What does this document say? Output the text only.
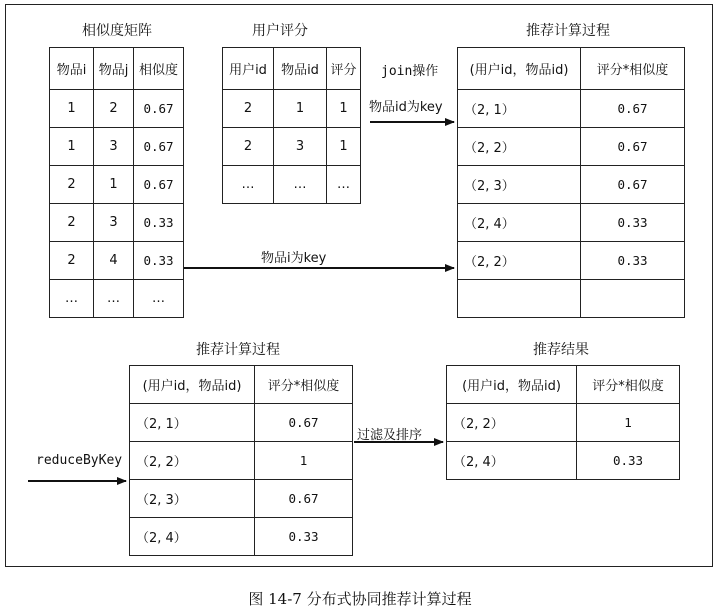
相似度矩阵
物品i	物品j	相似度
1	2	0.67
1	3	0.67
2	1	0.67
2	3	0.33
2	4	0.33
…	…	…
用户评分
用户id	物品id	评分
2	1	1
2	3	1
…	…	…
推荐计算过程
(用户id，物品id)	评分*相似度
（2, 1）	0.67
（2, 2）	0.67
（2, 3）	0.67
（2, 4）	0.33
（2, 2）	0.33

推荐计算过程
(用户id，物品id)	评分*相似度
（2, 1）	0.67
（2, 2）	1
（2, 3）	0.67
（2, 4）	0.33
推荐结果
(用户id，物品id)	评分*相似度
（2, 2）	1
（2, 4）	0.33
join操作
物品id为key
物品i为key
reduceByKey
过滤及排序
图 14-7 分布式协同推荐计算过程
